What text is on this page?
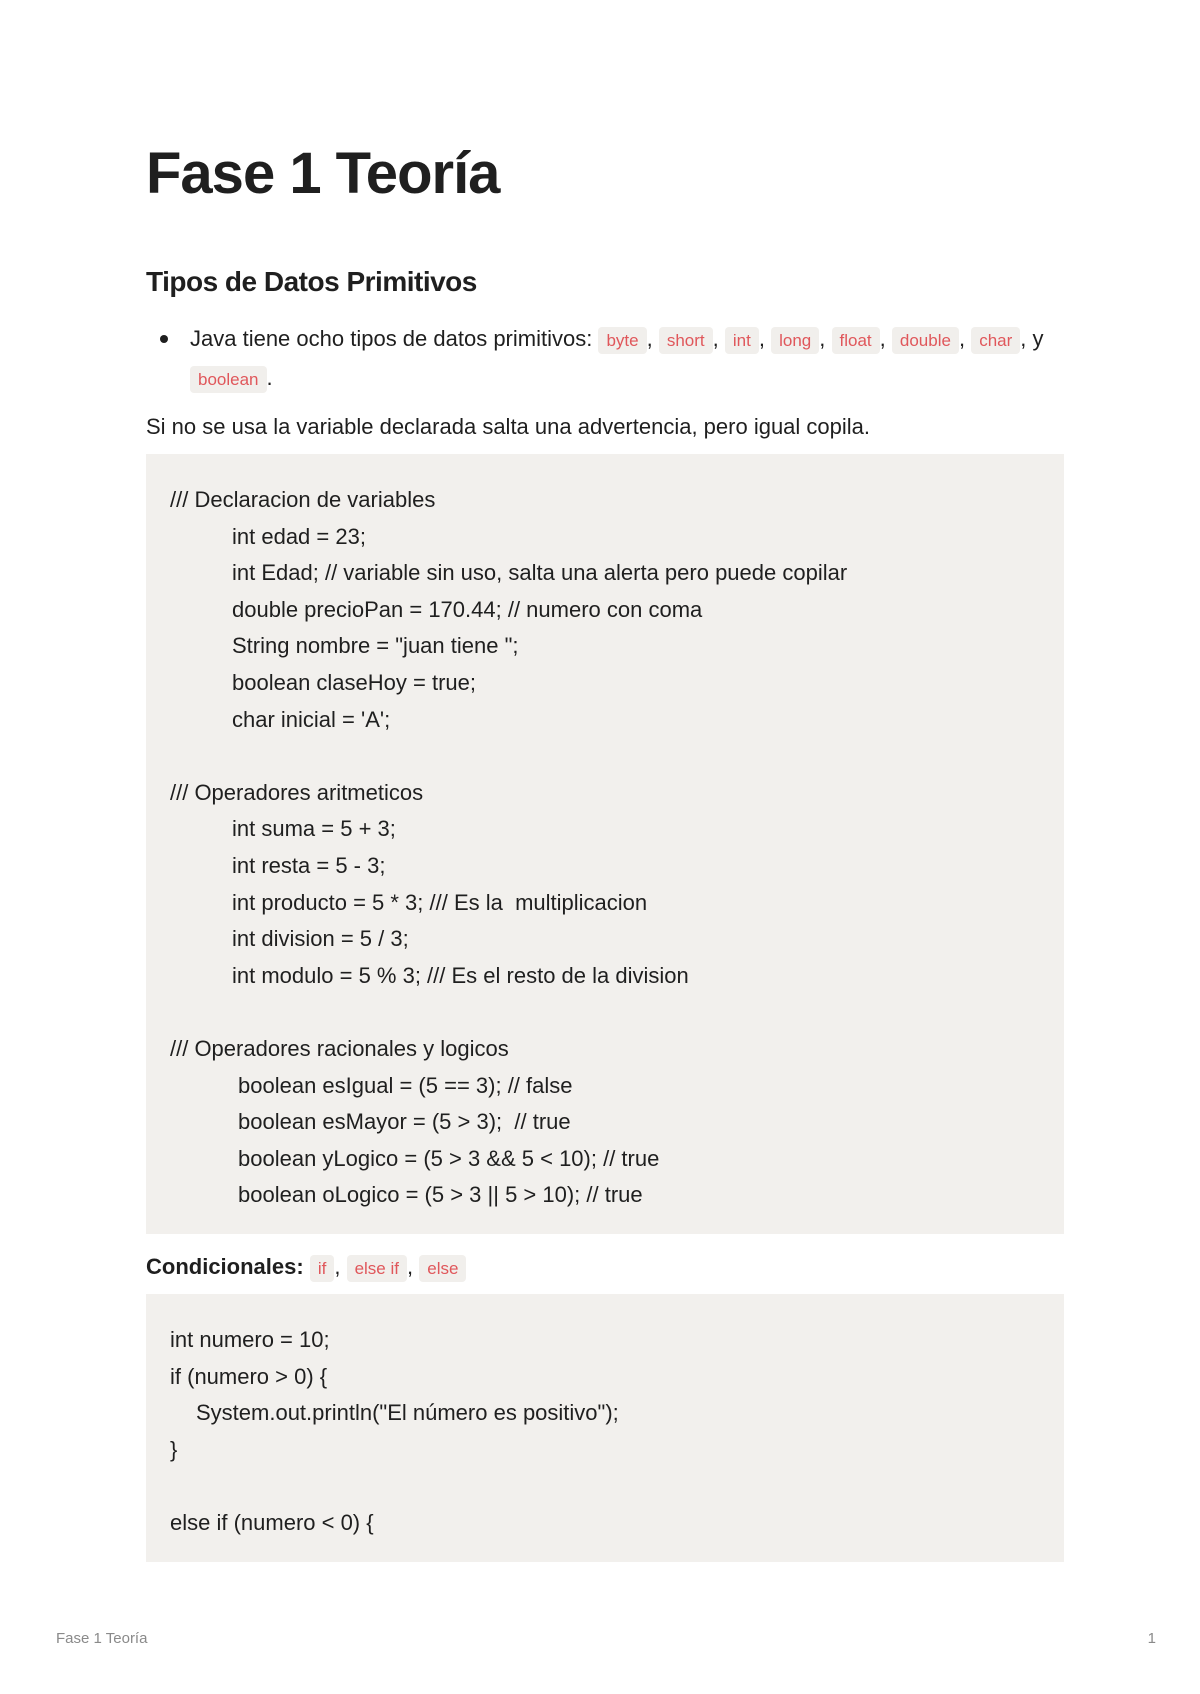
Fase 1 Teoría
Tipos de Datos Primitivos
Java tiene ocho tipos de datos primitivos: byte , short , int , long , float , double , char , y boolean .

Si no se usa la variable declarada salta una advertencia, pero igual copila.

/// Declaracion de variables
int edad = 23;
int Edad; // variable sin uso, salta una alerta pero puede copilar
double precioPan = 170.44; // numero con coma
String nombre = "juan tiene ";
boolean claseHoy = true;
char inicial = 'A';
/// Operadores aritmeticos
int suma = 5 + 3;
int resta = 5 - 3;
int producto = 5 * 3; /// Es la  multiplicacion
int division = 5 / 3;
int modulo = 5 % 3; /// Es el resto de la division
/// Operadores racionales y logicos
boolean esIgual = (5 == 3); // false
boolean esMayor = (5 > 3);  // true
boolean yLogico = (5 > 3 && 5 < 10); // true
boolean oLogico = (5 > 3 || 5 > 10); // true
Condicionales: if , else if , else
int numero = 10;
if (numero > 0) {
System.out.println("El número es positivo");
}
else if (numero < 0) {
Fase 1 Teoría	1
